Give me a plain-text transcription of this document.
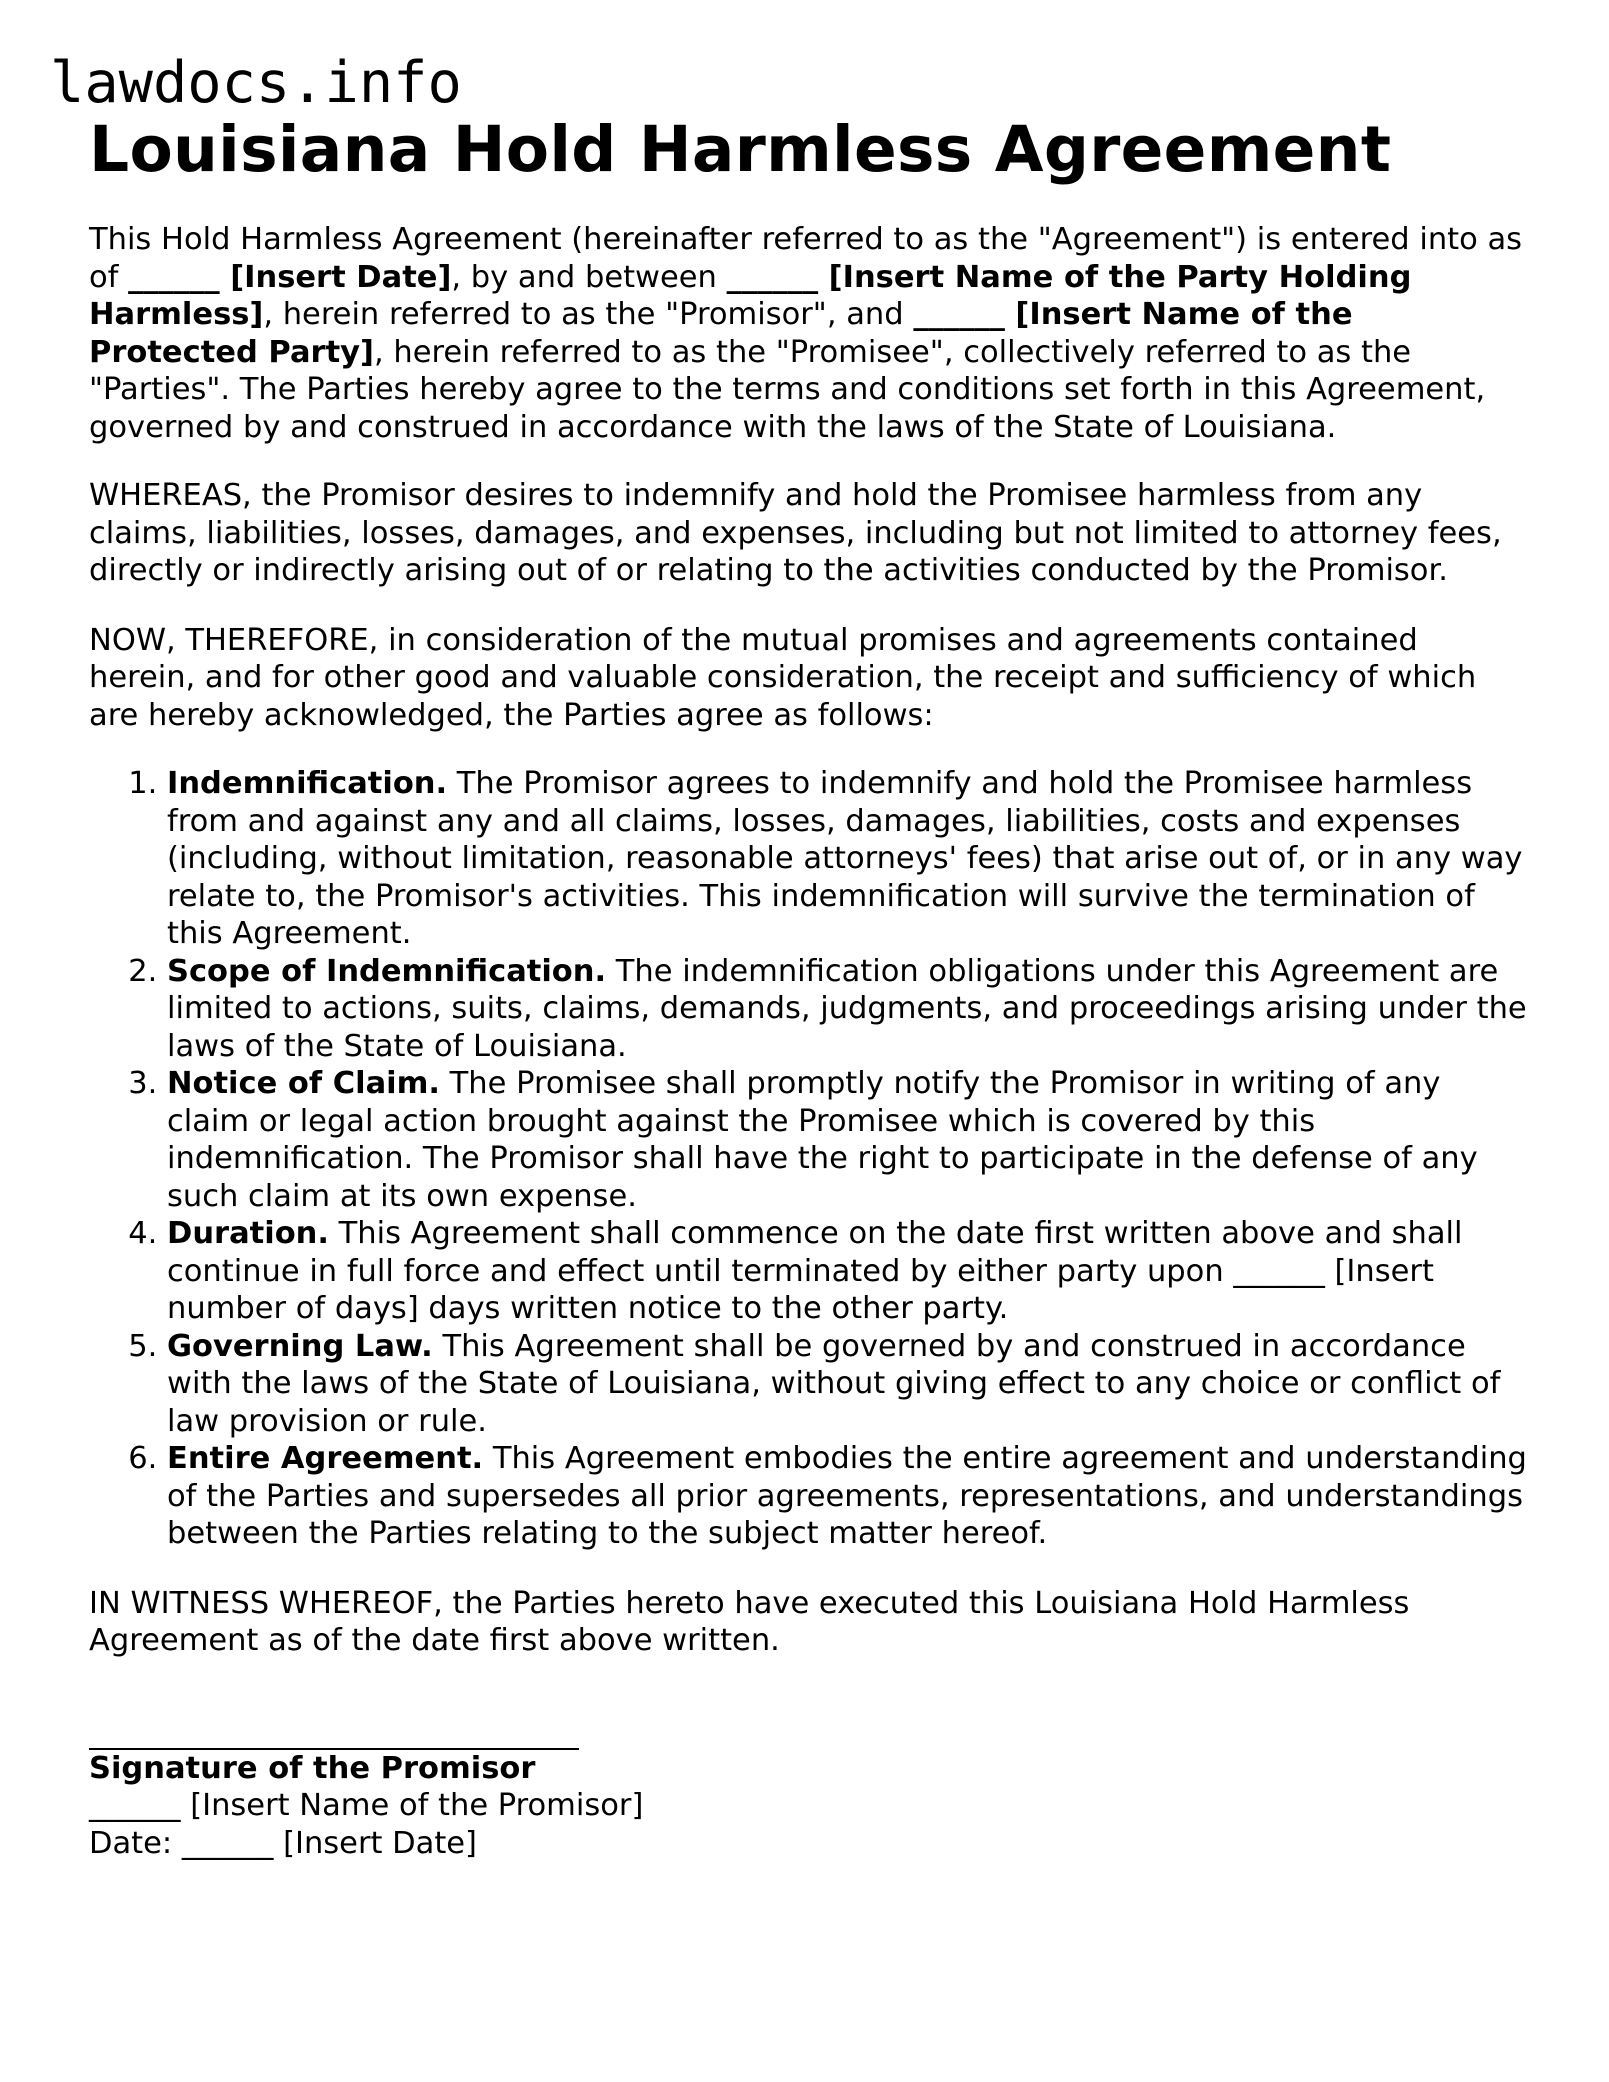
lawdocs.info
Louisiana Hold Harmless Agreement

This Hold Harmless Agreement (hereinafter referred to as the "Agreement") is entered into as of ______ [Insert Date], by and between ______ [Insert Name of the Party Holding Harmless], herein referred to as the "Promisor", and ______ [Insert Name of the Protected Party], herein referred to as the "Promisee", collectively referred to as the "Parties". The Parties hereby agree to the terms and conditions set forth in this Agreement, governed by and construed in accordance with the laws of the State of Louisiana.

WHEREAS, the Promisor desires to indemnify and hold the Promisee harmless from any claims, liabilities, losses, damages, and expenses, including but not limited to attorney fees, directly or indirectly arising out of or relating to the activities conducted by the Promisor.

NOW, THEREFORE, in consideration of the mutual promises and agreements contained herein, and for other good and valuable consideration, the receipt and sufficiency of which are hereby acknowledged, the Parties agree as follows:

1. Indemnification. The Promisor agrees to indemnify and hold the Promisee harmless from and against any and all claims, losses, damages, liabilities, costs and expenses (including, without limitation, reasonable attorneys' fees) that arise out of, or in any way relate to, the Promisor's activities. This indemnification will survive the termination of this Agreement.
2. Scope of Indemnification. The indemnification obligations under this Agreement are limited to actions, suits, claims, demands, judgments, and proceedings arising under the laws of the State of Louisiana.
3. Notice of Claim. The Promisee shall promptly notify the Promisor in writing of any claim or legal action brought against the Promisee which is covered by this indemnification. The Promisor shall have the right to participate in the defense of any such claim at its own expense.
4. Duration. This Agreement shall commence on the date first written above and shall continue in full force and effect until terminated by either party upon ______ [Insert number of days] days written notice to the other party.
5. Governing Law. This Agreement shall be governed by and construed in accordance with the laws of the State of Louisiana, without giving effect to any choice or conflict of law provision or rule.
6. Entire Agreement. This Agreement embodies the entire agreement and understanding of the Parties and supersedes all prior agreements, representations, and understandings between the Parties relating to the subject matter hereof.

IN WITNESS WHEREOF, the Parties hereto have executed this Louisiana Hold Harmless Agreement as of the date first above written.

Signature of the Promisor
______ [Insert Name of the Promisor]
Date: ______ [Insert Date]
